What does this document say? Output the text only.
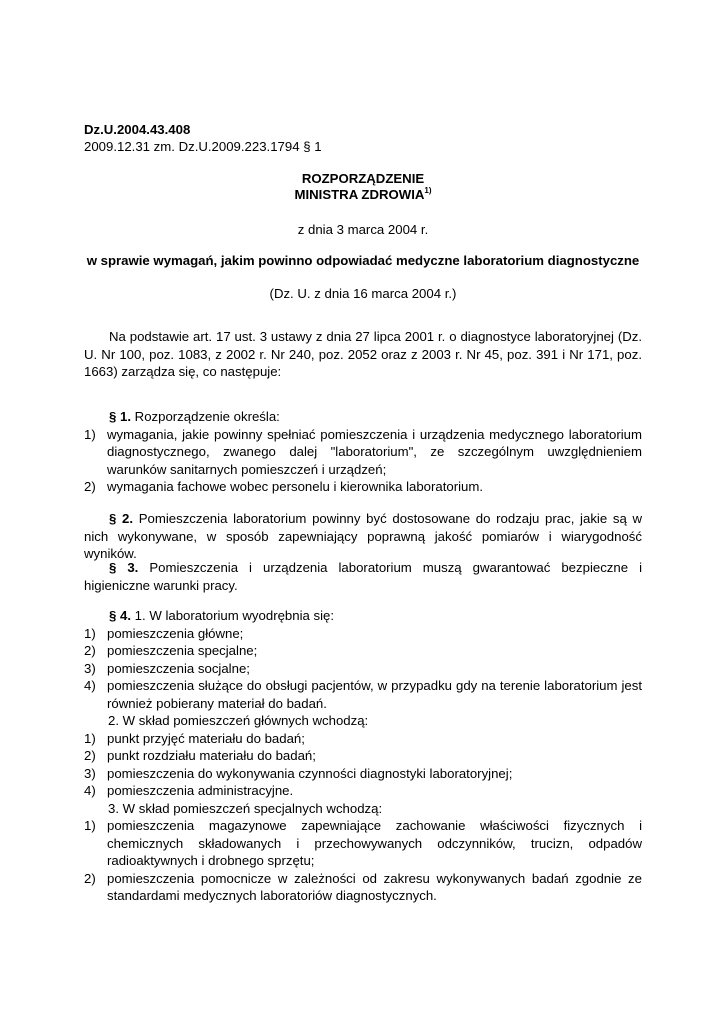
Dz.U.2004.43.408
2009.12.31 zm. Dz.U.2009.223.1794 § 1
ROZPORZĄDZENIE
MINISTRA ZDROWIA$^{1)}$
z dnia 3 marca 2004 r.
w sprawie wymagań, jakim powinno odpowiadać medyczne laboratorium diagnostyczne
(Dz. U. z dnia 16 marca 2004 r.)
Na podstawie art. 17 ust. 3 ustawy z dnia 27 lipca 2001 r. o diagnostyce laboratoryjnej (Dz.
U. Nr 100, poz. 1083, z 2002 r. Nr 240, poz. 2052 oraz z 2003 r. Nr 45, poz. 391 i Nr 171, poz.
1663) zarządza się, co następuje:
§ 1. Rozporządzenie określa:
1) wymagania, jakie powinny spełniać pomieszczenia i urządzenia medycznego laboratorium diagnostycznego, zwanego dalej "laboratorium", ze szczególnym uwzględnieniem warunków sanitarnych pomieszczeń i urządzeń;
2) wymagania fachowe wobec personelu i kierownika laboratorium.
§ 2. Pomieszczenia laboratorium powinny być dostosowane do rodzaju prac, jakie są w nich wykonywane, w sposób zapewniający poprawną jakość pomiarów i wiarygodność wyników.
§ 3. Pomieszczenia i urządzenia laboratorium muszą gwarantować bezpieczne i higieniczne warunki pracy.
§ 4. 1. W laboratorium wyodrębnia się:
1) pomieszczenia główne;
2) pomieszczenia specjalne;
3) pomieszczenia socjalne;
4) pomieszczenia służące do obsługi pacjentów, w przypadku gdy na terenie laboratorium jest również pobierany materiał do badań.
2. W skład pomieszczeń głównych wchodzą:
1) punkt przyjęć materiału do badań;
2) punkt rozdziału materiału do badań;
3) pomieszczenia do wykonywania czynności diagnostyki laboratoryjnej;
4) pomieszczenia administracyjne.
3. W skład pomieszczeń specjalnych wchodzą:
1) pomieszczenia magazynowe zapewniające zachowanie właściwości fizycznych i chemicznych składowanych i przechowywanych odczynników, trucizn, odpadów radioaktywnych i drobnego sprzętu;
2) pomieszczenia pomocnicze w zależności od zakresu wykonywanych badań zgodnie ze standardami medycznych laboratoriów diagnostycznych.
